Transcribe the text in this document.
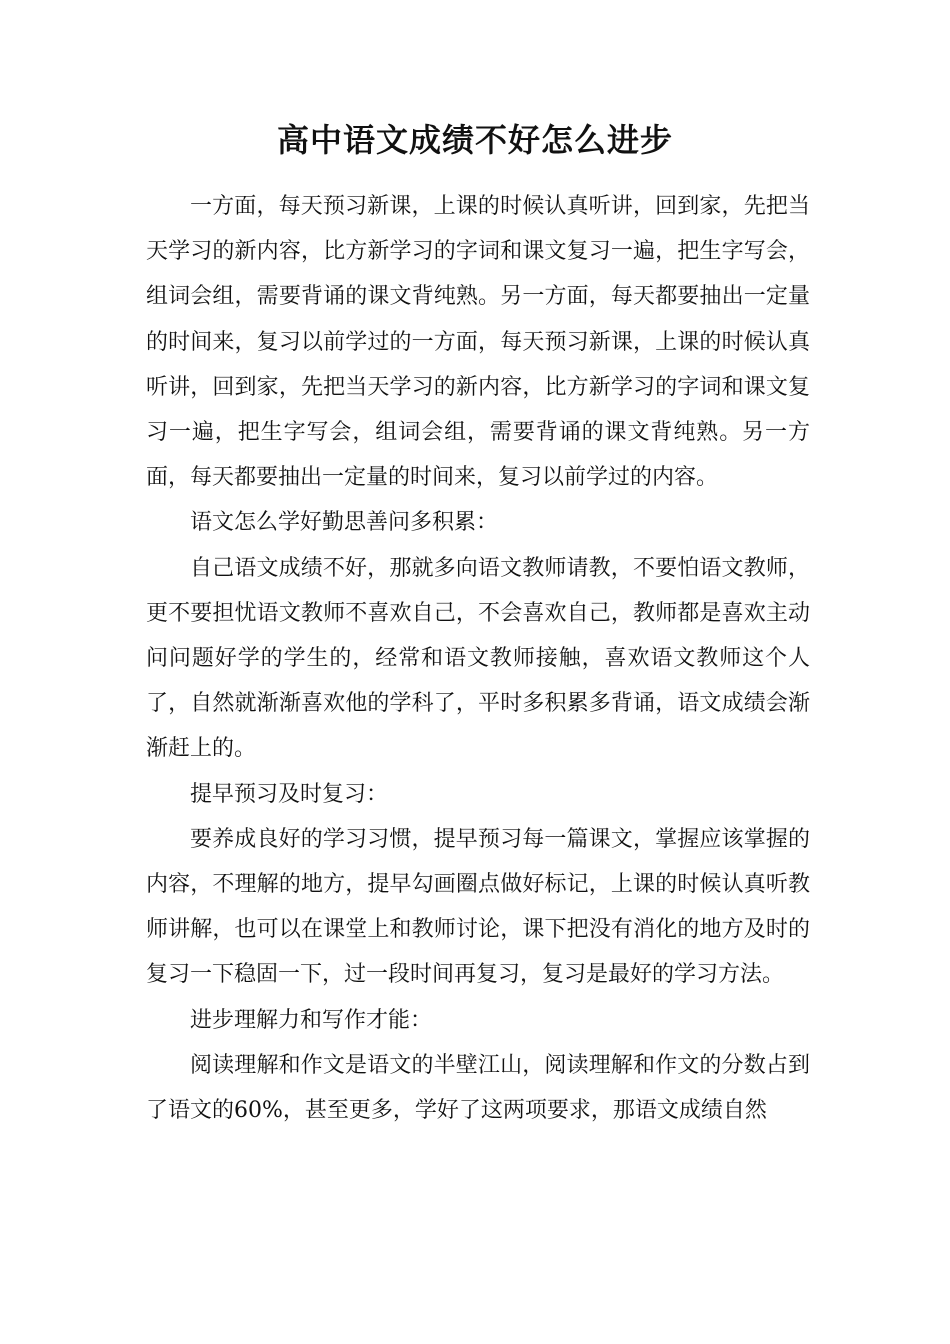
高中语文成绩不好怎么进步

一方面，每天预习新课，上课的时候认真听讲，回到家，先把当天学习的新内容，比方新学习的字词和课文复习一遍，把生字写会，组词会组，需要背诵的课文背纯熟。另一方面，每天都要抽出一定量的时间来，复习以前学过的一方面，每天预习新课，上课的时候认真听讲，回到家，先把当天学习的新内容，比方新学习的字词和课文复习一遍，把生字写会，组词会组，需要背诵的课文背纯熟。另一方面，每天都要抽出一定量的时间来，复习以前学过的内容。

语文怎么学好勤思善问多积累：

自己语文成绩不好，那就多向语文教师请教，不要怕语文教师，更不要担忧语文教师不喜欢自己，不会喜欢自己，教师都是喜欢主动问问题好学的学生的，经常和语文教师接触，喜欢语文教师这个人了，自然就渐渐喜欢他的学科了，平时多积累多背诵，语文成绩会渐渐赶上的。

提早预习及时复习：

要养成良好的学习习惯，提早预习每一篇课文，掌握应该掌握的内容，不理解的地方，提早勾画圈点做好标记，上课的时候认真听教师讲解，也可以在课堂上和教师讨论，课下把没有消化的地方及时的复习一下稳固一下，过一段时间再复习，复习是最好的学习方法。

进步理解力和写作才能：

阅读理解和作文是语文的半壁江山，阅读理解和作文的分数占到了语文的60%，甚至更多，学好了这两项要求，那语文成绩自然
